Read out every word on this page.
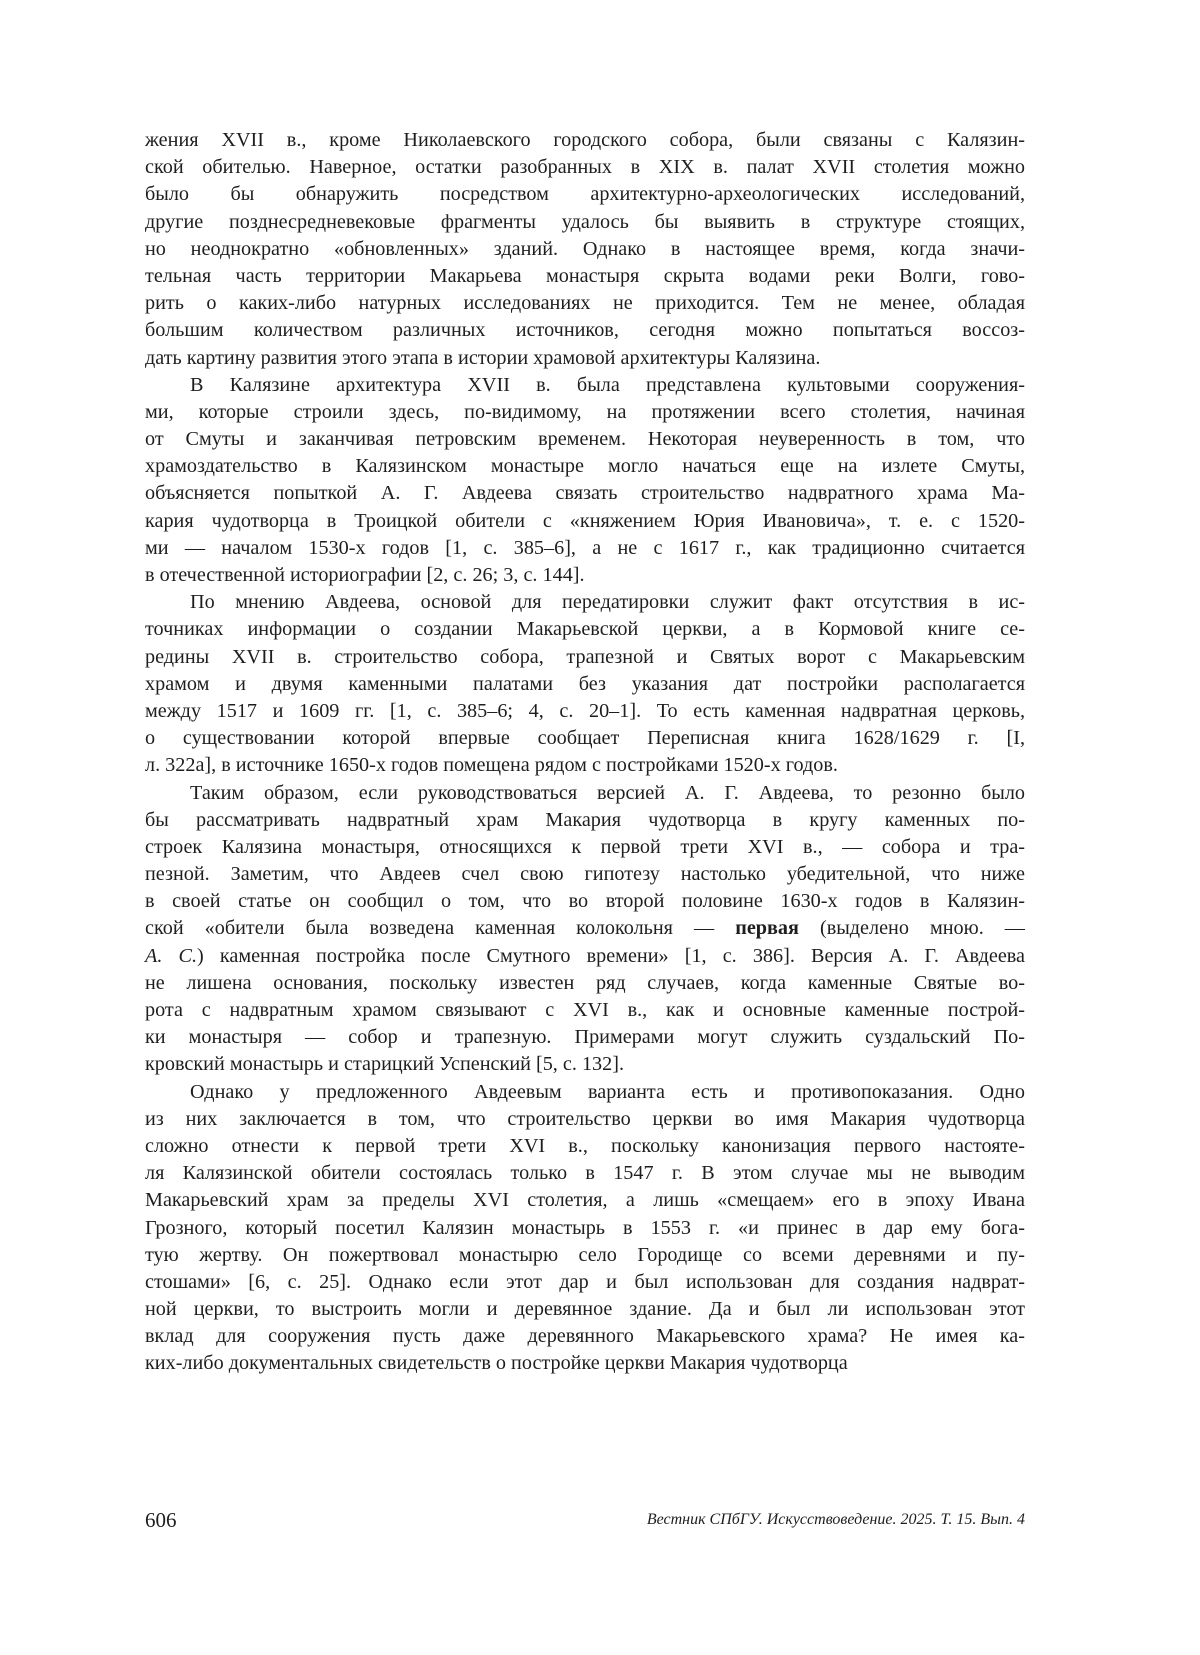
жения XVII в., кроме Николаевского городского собора, были связаны с Калязин-
ской обителью. Наверное, остатки разобранных в XIX в. палат XVII столетия можно
было бы обнаружить посредством архитектурно-археологических исследований,
другие позднесредневековые фрагменты удалось бы выявить в структуре стоящих,
но неоднократно «обновленных» зданий. Однако в настоящее время, когда значи-
тельная часть территории Макарьева монастыря скрыта водами реки Волги, гово-
рить о каких-либо натурных исследованиях не приходится. Тем не менее, обладая
большим количеством различных источников, сегодня можно попытаться воссоз-
дать картину развития этого этапа в истории храмовой архитектуры Калязина.
В Калязине архитектура XVII в. была представлена культовыми сооружения-
ми, которые строили здесь, по-видимому, на протяжении всего столетия, начиная
от Смуты и заканчивая петровским временем. Некоторая неуверенность в том, что
храмоздательство в Калязинском монастыре могло начаться еще на излете Смуты,
объясняется попыткой А. Г. Авдеева связать строительство надвратного храма Ма-
кария чудотворца в Троицкой обители с «княжением Юрия Ивановича», т. е. с 1520-
ми — началом 1530-х годов [1, с. 385–6], а не с 1617 г., как традиционно считается
в отечественной историографии [2, с. 26; 3, с. 144].
По мнению Авдеева, основой для передатировки служит факт отсутствия в ис-
точниках информации о создании Макарьевской церкви, а в Кормовой книге се-
редины XVII в. строительство собора, трапезной и Святых ворот с Макарьевским
храмом и двумя каменными палатами без указания дат постройки располагается
между 1517 и 1609 гг. [1, с. 385–6; 4, с. 20–1]. То есть каменная надвратная церковь,
о существовании которой впервые сообщает Переписная книга 1628/1629 г. [I,
л. 322а], в источнике 1650-х годов помещена рядом с постройками 1520-х годов.
Таким образом, если руководствоваться версией А. Г. Авдеева, то резонно было
бы рассматривать надвратный храм Макария чудотворца в кругу каменных по-
строек Калязина монастыря, относящихся к первой трети XVI в., — собора и тра-
пезной. Заметим, что Авдеев счел свою гипотезу настолько убедительной, что ниже
в своей статье он сообщил о том, что во второй половине 1630-х годов в Калязин-
ской «обители была возведена каменная колокольня — первая (выделено мною. —
А. С.) каменная постройка после Смутного времени» [1, с. 386]. Версия А. Г. Авдеева
не лишена основания, поскольку известен ряд случаев, когда каменные Святые во-
рота с надвратным храмом связывают с XVI в., как и основные каменные построй-
ки монастыря — собор и трапезную. Примерами могут служить суздальский По-
кровский монастырь и старицкий Успенский [5, с. 132].
Однако у предложенного Авдеевым варианта есть и противопоказания. Одно
из них заключается в том, что строительство церкви во имя Макария чудотворца
сложно отнести к первой трети XVI в., поскольку канонизация первого настояте-
ля Калязинской обители состоялась только в 1547 г. В этом случае мы не выводим
Макарьевский храм за пределы XVI столетия, а лишь «смещаем» его в эпоху Ивана
Грозного, который посетил Калязин монастырь в 1553 г. «и принес в дар ему бога-
тую жертву. Он пожертвовал монастырю село Городище со всеми деревнями и пу-
стошами» [6, с. 25]. Однако если этот дар и был использован для создания надврат-
ной церкви, то выстроить могли и деревянное здание. Да и был ли использован этот
вклад для сооружения пусть даже деревянного Макарьевского храма? Не имея ка-
ких-либо документальных свидетельств о постройке церкви Макария чудотворца
606	Вестник СПбГУ. Искусствоведение. 2025. Т. 15. Вып. 4
